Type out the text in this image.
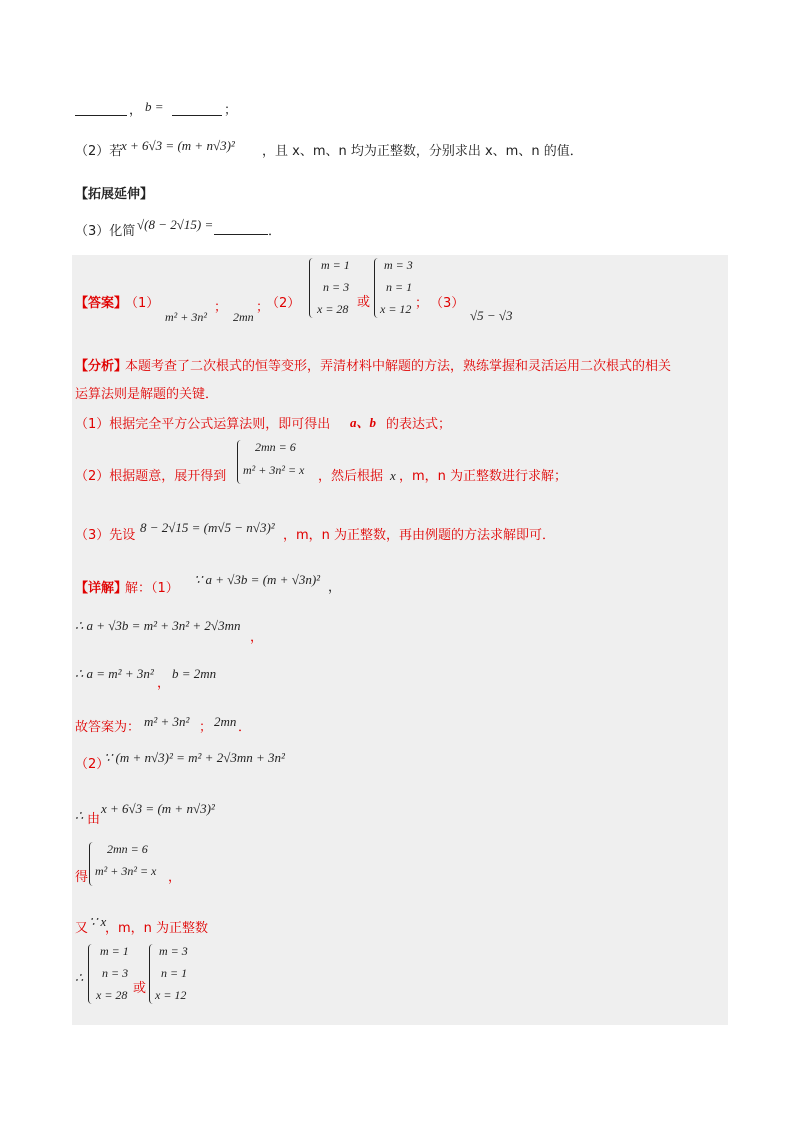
， b =	；
（2）若
x + 6√3 = (m + n√3)² ，且 x、m、n 均为正整数，分别求出 x、m、n 的值．
【拓展延伸】
（3）化简 √(8 − 2√15) =	．
【答案】
（1）
m² + 3n²
；
2mn
；
（2）
m = 1
n = 3
x = 28 或
m = 3
n = 1
x = 12 ； （3）
√5 − √3
【分析】
本题考查了二次根式的恒等变形，弄清材料中解题的方法，熟练掌握和灵活运用二次根式的相关
运算法则是解题的关键．
（1）根据完全平方公式运算法则，即可得出 a、b 的表达式；
（2）根据题意，展开得到
2mn = 6
m² + 3n² = x ，然后根据 x ，m，n 为正整数进行求解；
（3）先设
8 − 2√15 = (m√5 − n√3)²
，m，n 为正整数，再由例题的方法求解即可．
【详解】
解：（1）
∵ a + √3b = (m + √3n)²
，
∴ a + √3b = m² + 3n² + 2√3mn
，
∴ a = m² + 3n²
，
b = 2mn
故答案为： m² + 3n² ； 2mn ．
（2）
∵ (m + n√3)² = m² + 2√3mn + 3n²
∴ 由
x + 6√3 = (m + n√3)²
得
2mn = 6
m² + 3n² = x ，
又 ∵ x
，m，n 为正整数
∴
m = 1
n = 3
x = 28 或
m = 3
n = 1
x = 12
